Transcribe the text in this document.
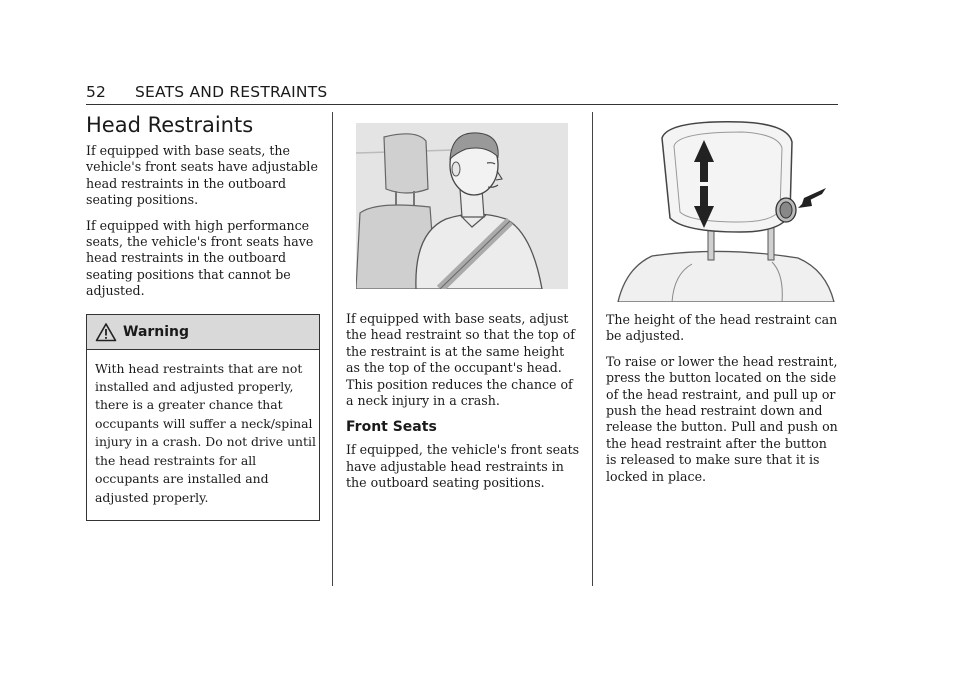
52 SEATS AND RESTRAINTS
Head Restraints

If equipped with base seats, the vehicle's front seats have adjustable head restraints in the outboard seating positions.

If equipped with high performance seats, the vehicle's front seats have head restraints in the outboard seating positions that cannot be adjusted.

Warning

With head restraints that are not installed and adjusted properly, there is a greater chance that occupants will suffer a neck/spinal injury in a crash. Do not drive until the head restraints for all occupants are installed and adjusted properly.

If equipped with base seats, adjust the head restraint so that the top of the restraint is at the same height as the top of the occupant's head. This position reduces the chance of a neck injury in a crash.

Front Seats

If equipped, the vehicle's front seats have adjustable head restraints in the outboard seating positions.

The height of the head restraint can be adjusted.

To raise or lower the head restraint, press the button located on the side of the head restraint, and pull up or push the head restraint down and release the button. Pull and push on the head restraint after the button is released to make sure that it is locked in place.
